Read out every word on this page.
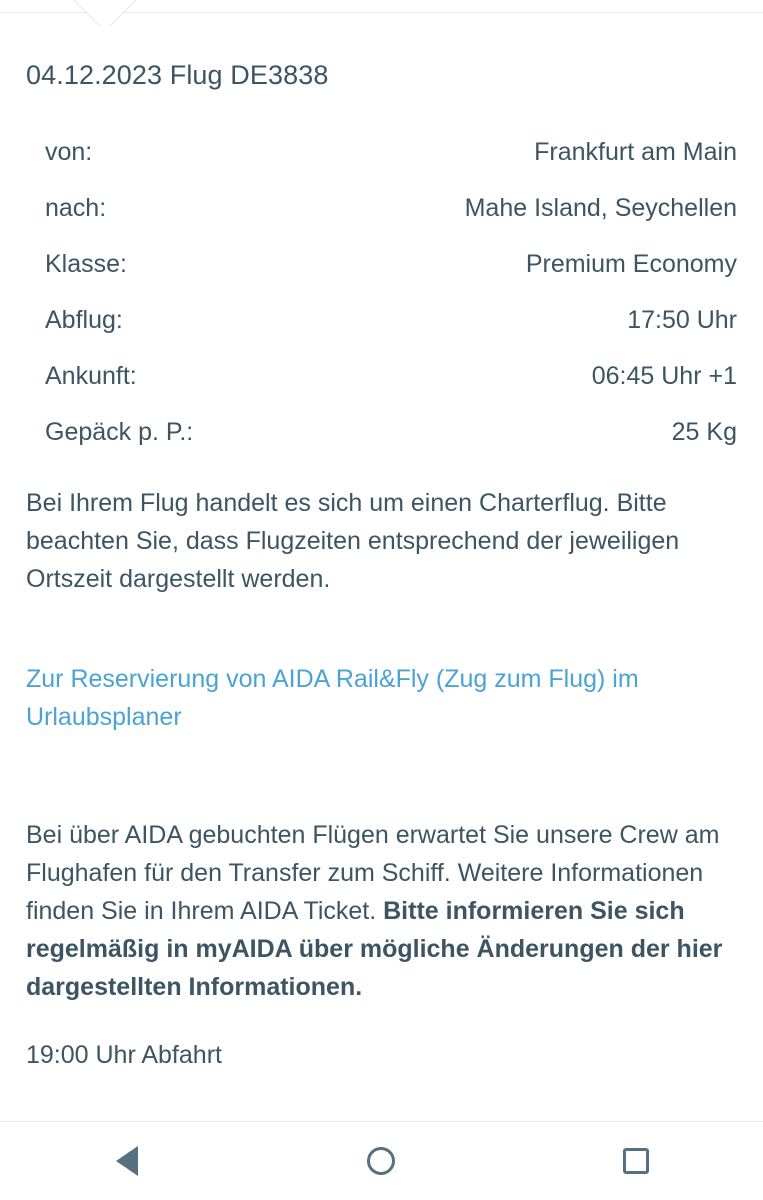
04.12.2023 Flug DE3838
von:	Frankfurt am Main
nach:	Mahe Island, Seychellen
Klasse:	Premium Economy
Abflug:	17:50 Uhr
Ankunft:	06:45 Uhr +1
Gepäck p. P.:	25 Kg
Bei Ihrem Flug handelt es sich um einen Charterflug. Bitte beachten Sie, dass Flugzeiten entsprechend der jeweiligen Ortszeit dargestellt werden.
Zur Reservierung von AIDA Rail&Fly (Zug zum Flug) im Urlaubsplaner
Bei über AIDA gebuchten Flügen erwartet Sie unsere Crew am Flughafen für den Transfer zum Schiff. Weitere Informationen finden Sie in Ihrem AIDA Ticket. Bitte informieren Sie sich regelmäßig in myAIDA über mögliche Änderungen der hier dargestellten Informationen.
19:00 Uhr Abfahrt
